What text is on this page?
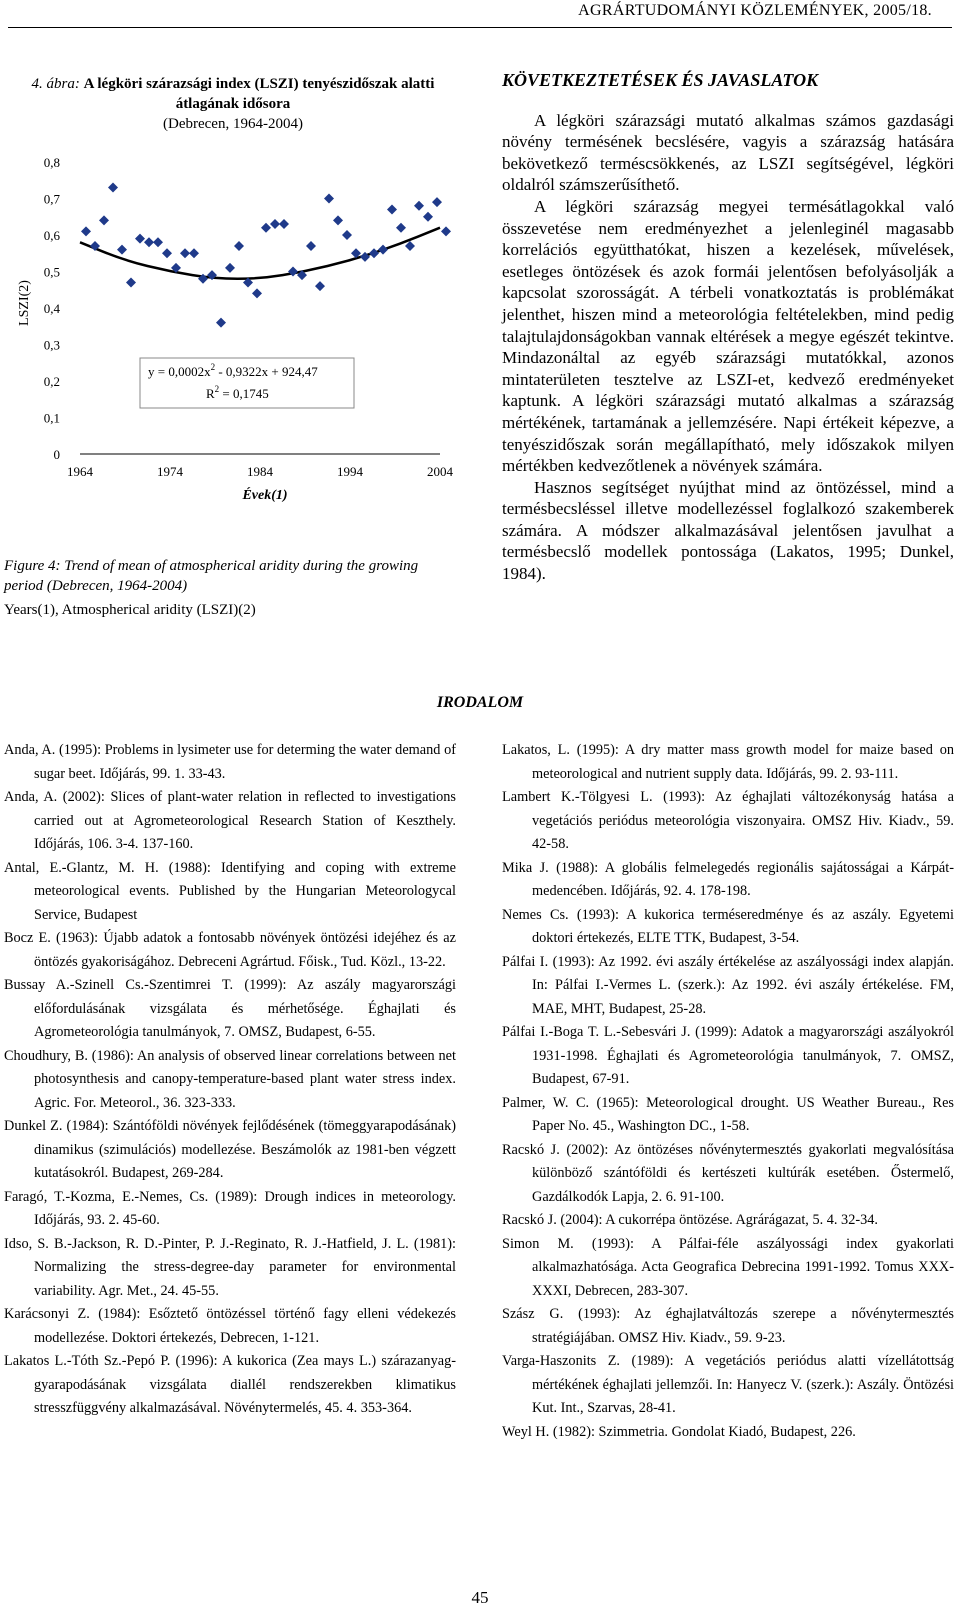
AGRÁRTUDOMÁNYI KÖZLEMÉNYEK, 2005/18.
4. ábra: A légköri szárazsági index (LSZI) tenyészidőszak alatti
átlagának idősora
(Debrecen, 1964-2004)
LSZI(2)
0
0,1
0,2
0,3
0,4
0,5
0,6
0,7
0,8
1964	1974	1984	1994	2004
$y = 0,0002x^2 - 0,9322x + 924,47$
$R^2 = 0,1745$
Évek(1)
Figure 4: Trend of mean of atmospherical aridity during the growing period (Debrecen, 1964-2004)
Years(1), Atmospherical aridity (LSZI)(2)
KÖVETKEZTETÉSEK ÉS JAVASLATOK

A légköri szárazsági mutató alkalmas számos gazdasági növény termésének becslésére, vagyis a szárazság hatására bekövetkező terméscsökkenés, az LSZI segítségével, légköri oldalról számszerűsíthető.

A légköri szárazság megyei termésátlagokkal való összevetése nem eredményezhet a jelenleginél magasabb korrelációs együtthatókat, hiszen a kezelések, művelések, esetleges öntözések és azok formái jelentősen befolyásolják a kapcsolat szorosságát. A térbeli vonatkoztatás is problémákat jelenthet, hiszen mind a meteorológia feltételekben, mind pedig talajtulajdonságokban vannak eltérések a megye egészét tekintve. Mindazonáltal az egyéb szárazsági mutatókkal, azonos mintaterületen tesztelve az LSZI-et, kedvező eredményeket kaptunk. A légköri szárazsági mutató alkalmas a szárazság mértékének, tartamának a jellemzésére. Napi értékeit képezve, a tenyészidőszak során megállapítható, mely időszakok milyen mértékben kedvezőtlenek a növények számára.

Hasznos segítséget nyújthat mind az öntözéssel, mind a termésbecsléssel illetve modellezéssel foglalkozó szakemberek számára. A módszer alkalmazásával jelentősen javulhat a termésbecslő modellek pontossága (Lakatos, 1995; Dunkel, 1984).

IRODALOM

Anda, A. (1995): Problems in lysimeter use for determing the water demand of sugar beet. Időjárás, 99. 1. 33-43.

Anda, A. (2002): Slices of plant-water relation in reflected to investigations carried out at Agrometeorological Research Station of Keszthely. Időjárás, 106. 3-4. 137-160.

Antal, E.-Glantz, M. H. (1988): Identifying and coping with extreme meteorological events. Published by the Hungarian Meteorologycal Service, Budapest

Bocz E. (1963): Újabb adatok a fontosabb növények öntözési idejéhez és az öntözés gyakoriságához. Debreceni Agrártud. Főisk., Tud. Közl., 13-22.

Bussay A.-Szinell Cs.-Szentimrei T. (1999): Az aszály magyarországi előfordulásának vizsgálata és mérhetősége. Éghajlati és Agrometeorológia tanulmányok, 7. OMSZ, Budapest, 6-55.

Choudhury, B. (1986): An analysis of observed linear correlations between net photosynthesis and canopy-temperature-based plant water stress index. Agric. For. Meteorol., 36. 323-333.

Dunkel Z. (1984): Szántóföldi növények fejlődésének (tömeggyarapodásának) dinamikus (szimulációs) modellezése. Beszámolók az 1981-ben végzett kutatásokról. Budapest, 269-284.

Faragó, T.-Kozma, E.-Nemes, Cs. (1989): Drough indices in meteorology. Időjárás, 93. 2. 45-60.

Idso, S. B.-Jackson, R. D.-Pinter, P. J.-Reginato, R. J.-Hatfield, J. L. (1981): Normalizing the stress-degree-day parameter for environmental variability. Agr. Met., 24. 45-55.

Karácsonyi Z. (1984): Esőztető öntözéssel történő fagy elleni védekezés modellezése. Doktori értekezés, Debrecen, 1-121.

Lakatos L.-Tóth Sz.-Pepó P. (1996): A kukorica (Zea mays L.) szárazanyag-gyarapodásának vizsgálata diallél rendszerekben klimatikus stresszfüggvény alkalmazásával. Növénytermelés, 45. 4. 353-364.

Lakatos, L. (1995): A dry matter mass growth model for maize based on meteorological and nutrient supply data. Időjárás, 99. 2. 93-111.

Lambert K.-Tölgyesi L. (1993): Az éghajlati változékonyság hatása a vegetációs periódus meteorológia viszonyaira. OMSZ Hiv. Kiadv., 59. 42-58.

Mika J. (1988): A globális felmelegedés regionális sajátosságai a Kárpát-medencében. Időjárás, 92. 4. 178-198.

Nemes Cs. (1993): A kukorica terméseredménye és az aszály. Egyetemi doktori értekezés, ELTE TTK, Budapest, 3-54.

Pálfai I. (1993): Az 1992. évi aszály értékelése az aszályossági index alapján. In: Pálfai I.-Vermes L. (szerk.): Az 1992. évi aszály értékelése. FM, MAE, MHT, Budapest, 25-28.

Pálfai I.-Boga T. L.-Sebesvári J. (1999): Adatok a magyarországi aszályokról 1931-1998. Éghajlati és Agrometeorológia tanulmányok, 7. OMSZ, Budapest, 67-91.

Palmer, W. C. (1965): Meteorological drought. US Weather Bureau., Res Paper No. 45., Washington DC., 1-58.

Racskó J. (2002): Az öntözéses nővénytermesztés gyakorlati megvalósítása különböző szántóföldi és kertészeti kultúrák esetében. Őstermelő, Gazdálkodók Lapja, 2. 6. 91-100.

Racskó J. (2004): A cukorrépa öntözése. Agrárágazat, 5. 4. 32-34.

Simon M. (1993): A Pálfai-féle aszályossági index gyakorlati alkalmazhatósága. Acta Geografica Debrecina 1991-1992. Tomus XXX-XXXI, Debrecen, 283-307.

Szász G. (1993): Az éghajlatváltozás szerepe a nővénytermesztés stratégiájában. OMSZ Hiv. Kiadv., 59. 9-23.

Varga-Haszonits Z. (1989): A vegetációs periódus alatti vízellátottság mértékének éghajlati jellemzői. In: Hanyecz V. (szerk.): Aszály. Öntözési Kut. Int., Szarvas, 28-41.

Weyl H. (1982): Szimmetria. Gondolat Kiadó, Budapest, 226.

45
